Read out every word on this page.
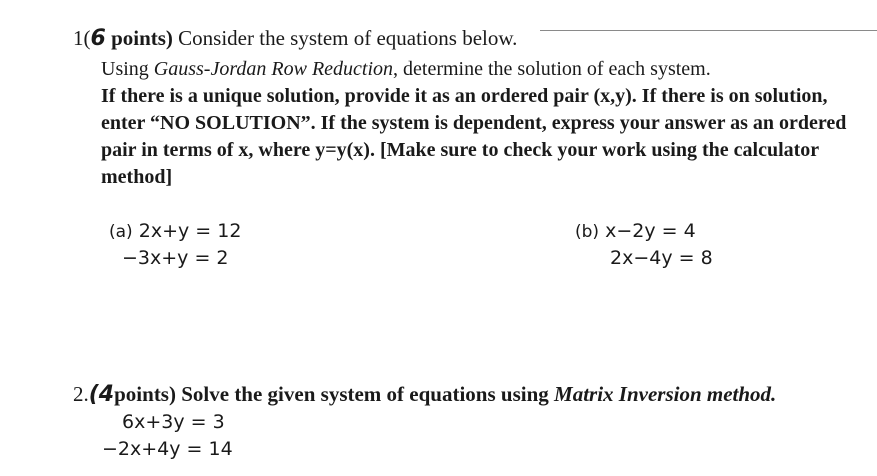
1(6 points) Consider the system of equations below.
Using Gauss-Jordan Row Reduction, determine the solution of each system.
If there is a unique solution, provide it as an ordered pair (x,y). If there is on solution,
enter “NO SOLUTION”. If the system is dependent, express your answer as an ordered
pair in terms of x, where y=y(x). [Make sure to check your work using the calculator
method]
(a) 2x+y = 12
−3x+y = 2
(b) x−2y = 4
2x−4y = 8
2.(4points) Solve the given system of equations using Matrix Inversion method.
6x+3y = 3
−2x+4y = 14
